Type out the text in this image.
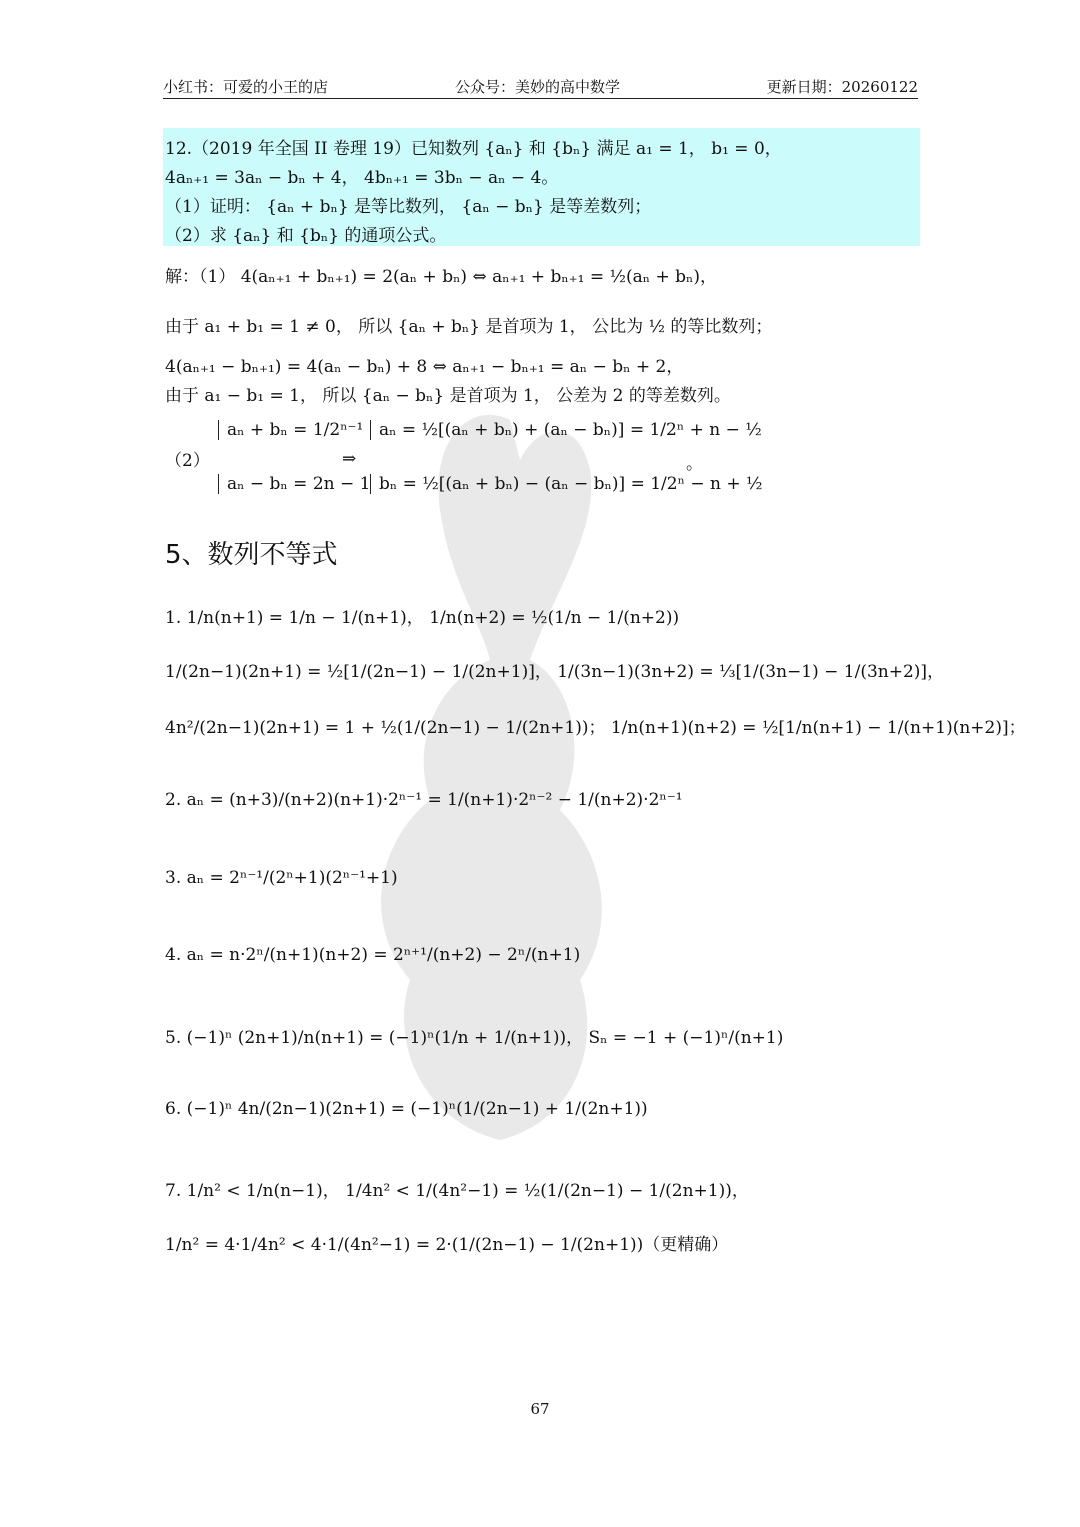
小红书：可爱的小王的店	公众号：美妙的高中数学	更新日期：20260122
12.（2019 年全国 II 卷理 19）已知数列 {aₙ} 和 {bₙ} 满足 a₁ = 1， b₁ = 0，
4aₙ₊₁ = 3aₙ − bₙ + 4， 4bₙ₊₁ = 3bₙ − aₙ − 4。
（1）证明： {aₙ + bₙ} 是等比数列， {aₙ − bₙ} 是等差数列；
（2）求 {aₙ} 和 {bₙ} 的通项公式。
解：（1） 4(aₙ₊₁ + bₙ₊₁) = 2(aₙ + bₙ) ⇔ aₙ₊₁ + bₙ₊₁ = ½(aₙ + bₙ)，
由于 a₁ + b₁ = 1 ≠ 0， 所以 {aₙ + bₙ} 是首项为 1， 公比为 ½ 的等比数列；
4(aₙ₊₁ − bₙ₊₁) = 4(aₙ − bₙ) + 8 ⇔ aₙ₊₁ − bₙ₊₁ = aₙ − bₙ + 2，
由于 a₁ − b₁ = 1， 所以 {aₙ − bₙ} 是首项为 1， 公差为 2 的等差数列。
（2）
aₙ + bₙ = 1/2ⁿ⁻¹
aₙ − bₙ = 2n − 1
⇒
aₙ = ½[(aₙ + bₙ) + (aₙ − bₙ)] = 1/2ⁿ + n − ½
bₙ = ½[(aₙ + bₙ) − (aₙ − bₙ)] = 1/2ⁿ − n + ½
。
5、数列不等式
1. 1/n(n+1) = 1/n − 1/(n+1)， 1/n(n+2) = ½(1/n − 1/(n+2))
1/(2n−1)(2n+1) = ½[1/(2n−1) − 1/(2n+1)]， 1/(3n−1)(3n+2) = ⅓[1/(3n−1) − 1/(3n+2)]，
4n²/(2n−1)(2n+1) = 1 + ½(1/(2n−1) − 1/(2n+1))； 1/n(n+1)(n+2) = ½[1/n(n+1) − 1/(n+1)(n+2)]；
2. aₙ = (n+3)/(n+2)(n+1)·2ⁿ⁻¹ = 1/(n+1)·2ⁿ⁻² − 1/(n+2)·2ⁿ⁻¹
3. aₙ = 2ⁿ⁻¹/(2ⁿ+1)(2ⁿ⁻¹+1)
4. aₙ = n·2ⁿ/(n+1)(n+2) = 2ⁿ⁺¹/(n+2) − 2ⁿ/(n+1)
5. (−1)ⁿ (2n+1)/n(n+1) = (−1)ⁿ(1/n + 1/(n+1))， Sₙ = −1 + (−1)ⁿ/(n+1)
6. (−1)ⁿ 4n/(2n−1)(2n+1) = (−1)ⁿ(1/(2n−1) + 1/(2n+1))
7. 1/n² < 1/n(n−1)， 1/4n² < 1/(4n²−1) = ½(1/(2n−1) − 1/(2n+1))，
1/n² = 4·1/4n² < 4·1/(4n²−1) = 2·(1/(2n−1) − 1/(2n+1))（更精确）
67
